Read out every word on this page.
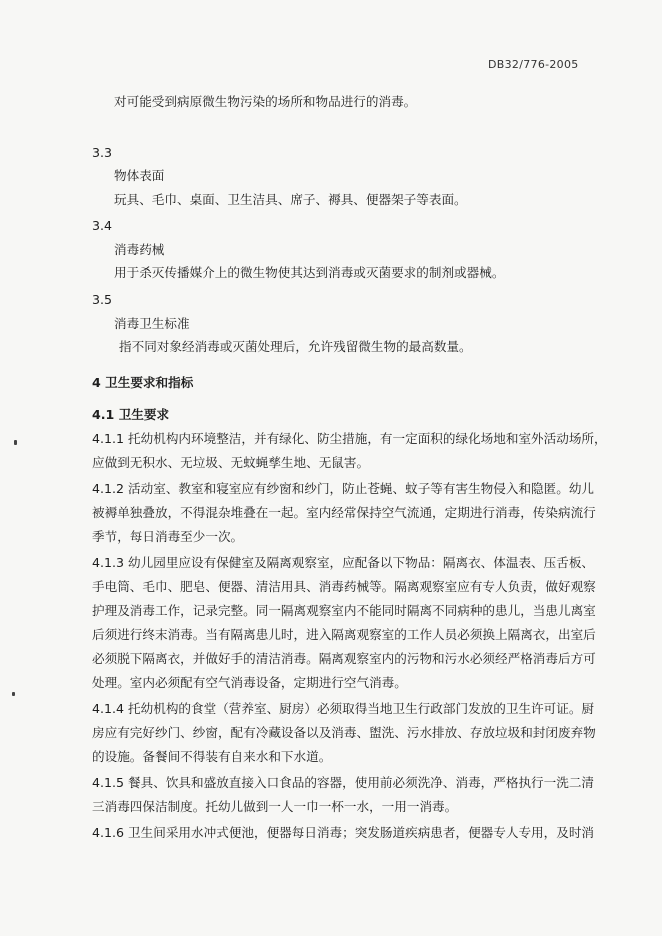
DB32/776-2005
对可能受到病原微生物污染的场所和物品进行的消毒。
3.3
物体表面
玩具、毛巾、桌面、卫生洁具、席子、褥具、便器架子等表面。
3.4
消毒药械
用于杀灭传播媒介上的微生物使其达到消毒或灭菌要求的制剂或器械。
3.5
消毒卫生标准
指不同对象经消毒或灭菌处理后，允许残留微生物的最高数量。
4 卫生要求和指标
4.1 卫生要求
4.1.1 托幼机构内环境整洁，并有绿化、防尘措施，有一定面积的绿化场地和室外活动场所，
应做到无积水、无垃圾、无蚊蝇孳生地、无鼠害。
4.1.2 活动室、教室和寝室应有纱窗和纱门，防止苍蝇、蚊子等有害生物侵入和隐匿。幼儿
被褥单独叠放，不得混杂堆叠在一起。室内经常保持空气流通，定期进行消毒，传染病流行
季节，每日消毒至少一次。
4.1.3 幼儿园里应设有保健室及隔离观察室，应配备以下物品：隔离衣、体温表、压舌板、
手电筒、毛巾、肥皂、便器、清洁用具、消毒药械等。隔离观察室应有专人负责，做好观察
护理及消毒工作，记录完整。同一隔离观察室内不能同时隔离不同病种的患儿，当患儿离室
后须进行终末消毒。当有隔离患儿时，进入隔离观察室的工作人员必须换上隔离衣，出室后
必须脱下隔离衣，并做好手的清洁消毒。隔离观察室内的污物和污水必须经严格消毒后方可
处理。室内必须配有空气消毒设备，定期进行空气消毒。
4.1.4 托幼机构的食堂（营养室、厨房）必须取得当地卫生行政部门发放的卫生许可证。厨
房应有完好纱门、纱窗，配有冷藏设备以及消毒、盥洗、污水排放、存放垃圾和封闭废弃物
的设施。备餐间不得装有自来水和下水道。
4.1.5 餐具、饮具和盛放直接入口食品的容器，使用前必须洗净、消毒，严格执行一洗二清
三消毒四保洁制度。托幼儿做到一人一巾一杯一水，一用一消毒。
4.1.6 卫生间采用水冲式便池，便器每日消毒；突发肠道疾病患者，便器专人专用，及时消
